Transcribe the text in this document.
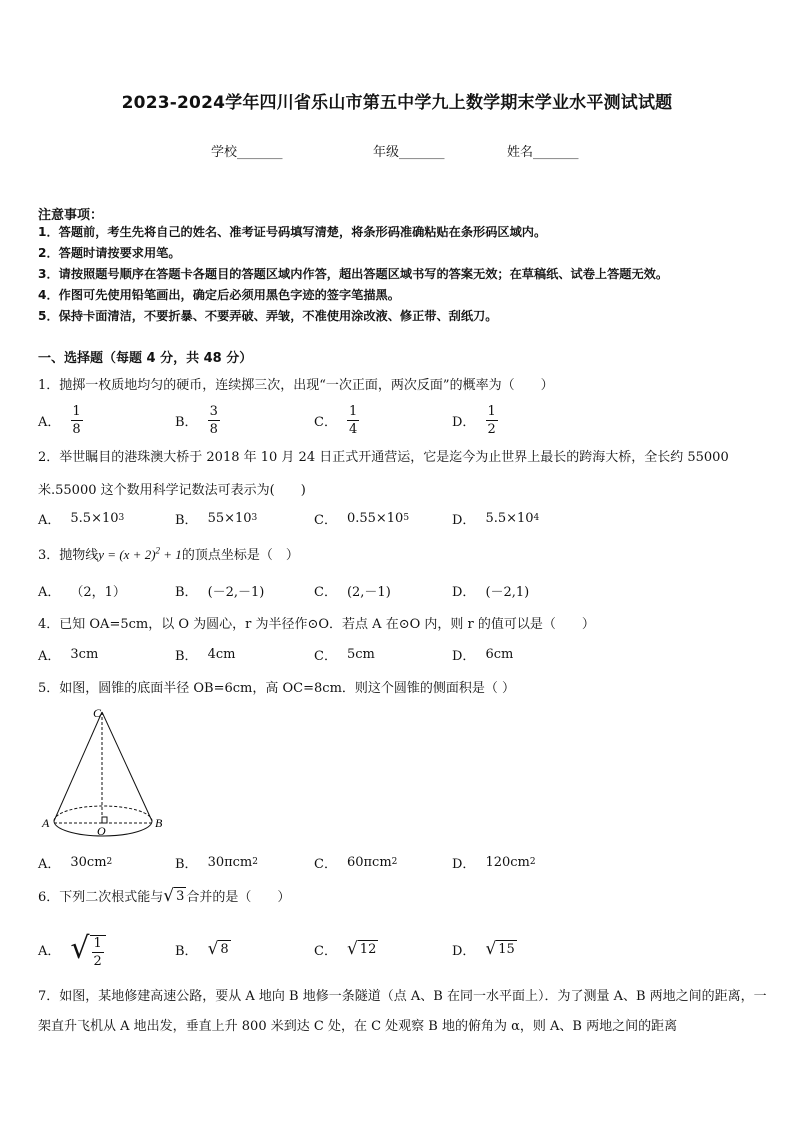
2023-2024学年四川省乐山市第五中学九上数学期末学业水平测试试题
学校_______	年级_______	姓名_______
注意事项：
1．答题前，考生先将自己的姓名、准考证号码填写清楚，将条形码准确粘贴在条形码区域内。
2．答题时请按要求用笔。
3．请按照题号顺序在答题卡各题目的答题区域内作答，超出答题区域书写的答案无效；在草稿纸、试卷上答题无效。
4．作图可先使用铅笔画出，确定后必须用黑色字迹的签字笔描黑。
5．保持卡面清洁，不要折暴、不要弄破、弄皱，不准使用涂改液、修正带、刮纸刀。
一、选择题（每题 4 分，共 48 分）
1．抛掷一枚质地均匀的硬币，连续掷三次，出现“一次正面，两次反面”的概率为（　　）
A． $\frac{1}{8}$	B． $\frac{3}{8}$	C． $\frac{1}{4}$	D． $\frac{1}{2}$
2．举世瞩目的港珠澳大桥于 2018 年 10 月 24 日正式开通营运，它是迄今为止世界上最长的跨海大桥，全长约 55000
米.55000 这个数用科学记数法可表示为(　　)
A． 5.5×10 3	B． 55×10 3	C． 0.55×10 5	D． 5.5×10 4
3．抛物线$y = (x + 2)^2 + 1$的顶点坐标是（　）
A． （2，1）	B． (－2,－1)	C． (2,－1)	D． (－2,1)
4．已知 OA=5cm，以 O 为圆心，r 为半径作⊙O．若点 A 在⊙O 内，则 r 的值可以是（　　）
A． 3cm	B． 4cm	C． 5cm	D． 6cm
5．如图，圆锥的底面半径 OB=6cm，高 OC=8cm．则这个圆锥的侧面积是（ ）
C
A
O
B
A． 30cm 2	B． 30πcm 2	C． 60πcm 2	D． 120cm 2
6．下列二次根式能与 √ 3 合并的是（　　）
A． √ $\frac{1}{2}$	B． √ 8	C． √ 12	D． √ 15
7．如图，某地修建高速公路，要从 A 地向 B 地修一条隧道（点 A、B 在同一水平面上）．为了测量 A、B 两地之间的距离，一架直升飞机从 A 地出发，垂直上升 800 米到达 C 处，在 C 处观察 B 地的俯角为 α，则 A、B 两地之间的距离
